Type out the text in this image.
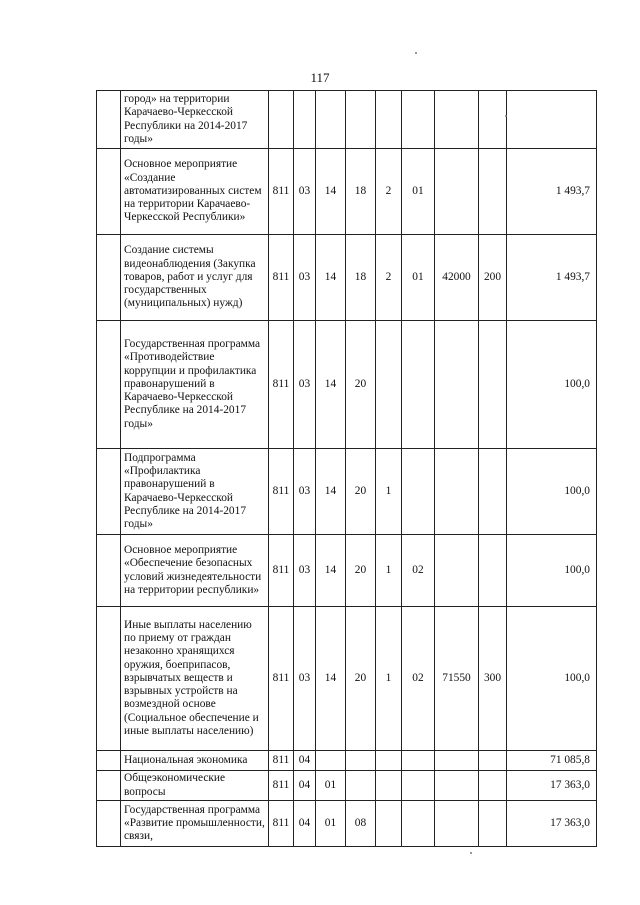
117
	город» на территории Карачаево-Черкесской Республики на 2014-2017 годы»									
	Основное мероприятие «Создание автоматизированных систем на территории Карачаево-Черкесской Республики»	811	03	14	18	2	01			1 493,7
	Создание системы видеонаблюдения (Закупка товаров, работ и услуг для государственных (муниципальных) нужд)	811	03	14	18	2	01	42000	200	1 493,7
	Государственная программа «Противодействие коррупции и профилактика правонарушений в Карачаево-Черкесской Республике на 2014-2017 годы»	811	03	14	20					100,0
	Подпрограмма «Профилактика правонарушений в Карачаево-Черкесской Республике на 2014-2017 годы»	811	03	14	20	1				100,0
	Основное мероприятие «Обеспечение безопасных условий жизнедеятельности на территории республики»	811	03	14	20	1	02			100,0
	Иные выплаты населению по приему от граждан незаконно хранящихся оружия, боеприпасов, взрывчатых веществ и взрывных устройств на возмездной основе (Социальное обеспечение и иные выплаты населению)	811	03	14	20	1	02	71550	300	100,0
	Национальная экономика	811	04							71 085,8
	Общеэкономические вопросы	811	04	01						17 363,0
	Государственная программа «Развитие промышленности, связи,	811	04	01	08					17 363,0
